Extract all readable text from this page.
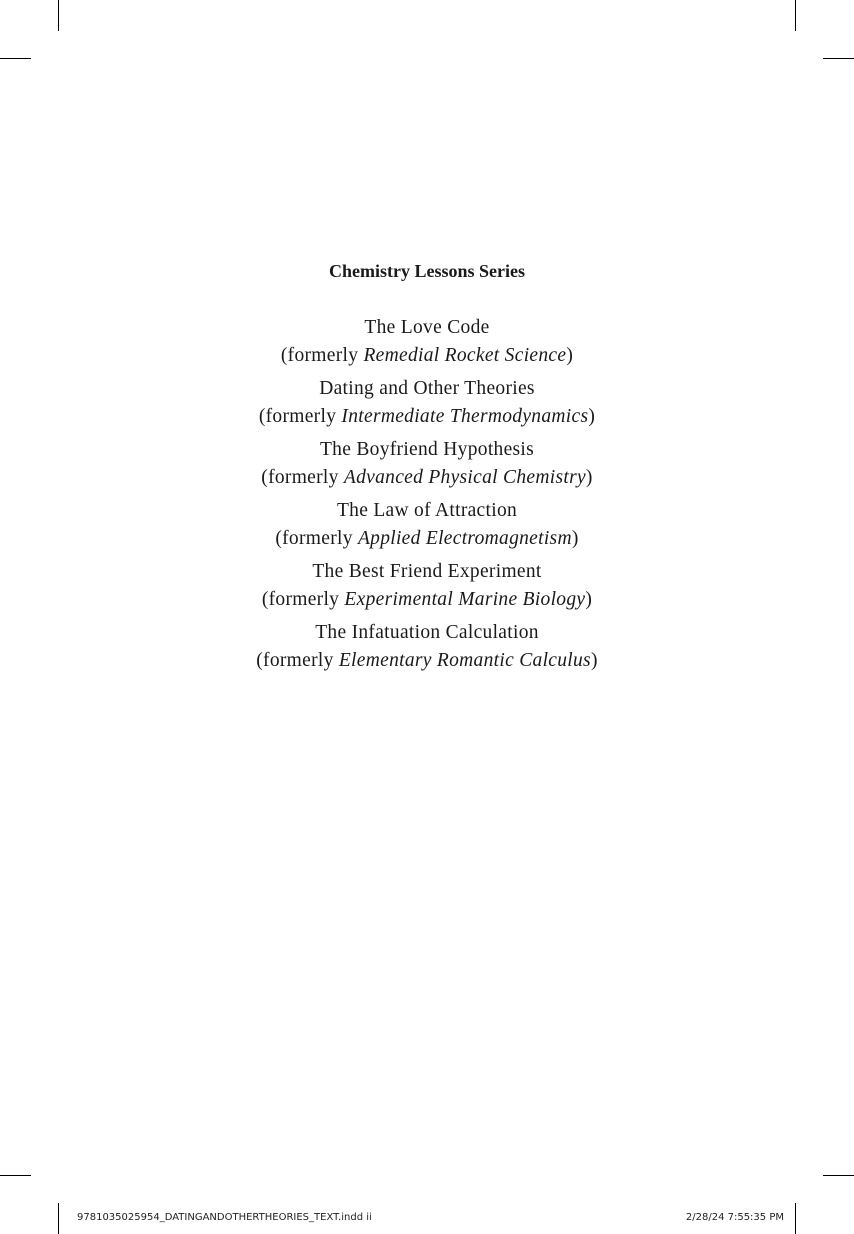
Chemistry Lessons Series
The Love Code
(formerly Remedial Rocket Science)
Dating and Other Theories
(formerly Intermediate Thermodynamics)
The Boyfriend Hypothesis
(formerly Advanced Physical Chemistry)
The Law of Attraction
(formerly Applied Electromagnetism)
The Best Friend Experiment
(formerly Experimental Marine Biology)
The Infatuation Calculation
(formerly Elementary Romantic Calculus)
9781035025954_DATINGANDOTHERTHEORIES_TEXT.indd ii	2/28/24 7:55:35 PM
